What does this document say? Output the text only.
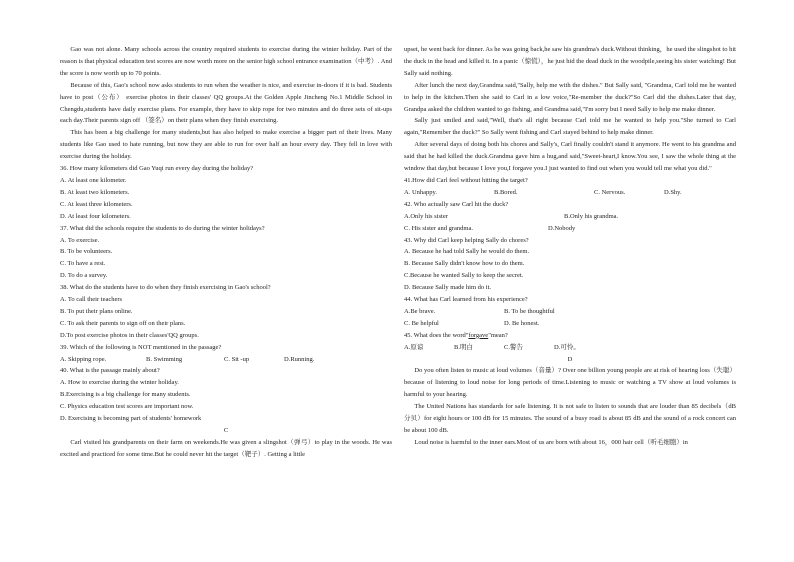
Gao was not alone. Many schools across the country required students to exercise during the winter holiday. Part of the reason is that physical education test scores are now worth more on the senior high school entrance examination（中考）. And the score is now worth up to 70 points.

Because of this, Gao's school now asks students to run when the weather is nice, and exercise in-doors if it is bad. Students have to post（公布） exercise photos in their classes' QQ groups.At the Golden Apple Jincheng No.1 Middle School in Chengdu,students have daily exercise plans. For example, they have to skip rope for two minutes and do three sets of sit-ups each day.Their parents sign off （签名）on their plans when they finish exercising.

This has been a big challenge for many students,but has also helped to make exercise a bigger part of their lives. Many students like Gao used to hate running, but now they are able to run for over half an hour every day. They fell in love with exercise during the holiday.

36. How many kilometers did Gao Yuqi run every day during the holiday?

A. At least one kilometer.

B. At least two kilometers.

C. At least three kilometers.

D. At least four kilometers.

37. What did the schools require the students to do during the winter holidays?

A. To exercise.

B. To be volunteers.

C. To have a rest.

D. To do a survey.

38. What do the students have to do when they finish exercising in Gao's school?

A. To call their teachers

B. To put their plans online.

C. To ask their parents to sign off on their plans.

D.To post exercise photos in their classes'QQ groups.

39. Which of the following is NOT mentioned in the passage?

A. Skipping rope.	B. Swimming	C. Sit -up	D.Running.

40. What is the passage mainly about?

A. How to exercise during the winter holiday.

B.Exercising is a big challenge for many students.

C. Physics education test scores are important now.

D. Exercising is becoming part of students' homework

C

Carl visited his grandparents on their farm on weekends.He was given a slingshot（弹弓）to play in the woods. He was excited and practiced for some time.But he could never hit the target（靶子）. Getting a little

upset, he went back for dinner. As he was going back,he saw his grandma's duck.Without thinking，he used the slingshot to hit the duck in the head and killed it. In a panic（惊慌），he just hid the dead duck in the woodpile,seeing his sister watching! But Sally said nothing.

After lunch the next day,Grandma said,"Sally, help me with the dishes." But Sally said, "Grandma, Carl told me he wanted to help in the kitchen.Then she said to Carl in a low voice,"Re-member the duck?"So Carl did the dishes.Later that day, Grandpa asked the children wanted to go fishing, and Grandma said,"I'm sorry but I need Sally to help me make dinner.

Sally just smiled and said,"Well, that's all right because Carl told me he wanted to help you."She turned to Carl again,"Remember the duck?" So Sally went fishing and Carl stayed behind to help make dinner.

After several days of doing both his chores and Sally's, Carl finally couldn't stand it anymore. He went to his grandma and said that he had killed the duck.Grandma gave him a hug,and said,"Sweet-heart,I know.You see, I saw the whole thing at the window that day,but because I love you,I forgave you.I just wanted to find out when you would tell me what you did."

41.How did Carl feel without hitting the target?

A. Unhappy.	B.Bored.	C. Nervous.	D.Shy.

42. Who actually saw Carl hit the duck?

A.Only his sister	B.Only his grandma.

C. His sister and grandma.	D.Nobody

43. Why did Carl keep helping Sally do chores?

A. Because he had told Sally he would do them.

B. Because Sally didn't know how to do them.

C.Because he wanted Sally to keep the secret.

D. Because Sally made him do it.

44. What has Carl learned from his experience?

A.Be brave.	B. To be thoughtful

C. Be helpful	D. Be honest.

45. What does the word"forgave"mean?

A.原谅	B.明白	C.警告	D.可怜。

D

Do you often listen to music at loud volumes（音量）? Over one billion young people are at risk of hearing loss（失聪）because of listening to loud noise for long periods of time.Listening to music or watching a TV show at loud volumes is harmful to your hearing.

The United Nations has standards for safe listening. It is not safe to listen to sounds that are louder than 85 decibels（dB 分贝）for eight hours or 100 dB for 15 minutes. The sound of a busy road is about 85 dB and the sound of a rock concert can be about 100 dB.

Loud noise is harmful to the inner ears.Most of us are born with about 16，000 hair cell（听毛细胞）in
